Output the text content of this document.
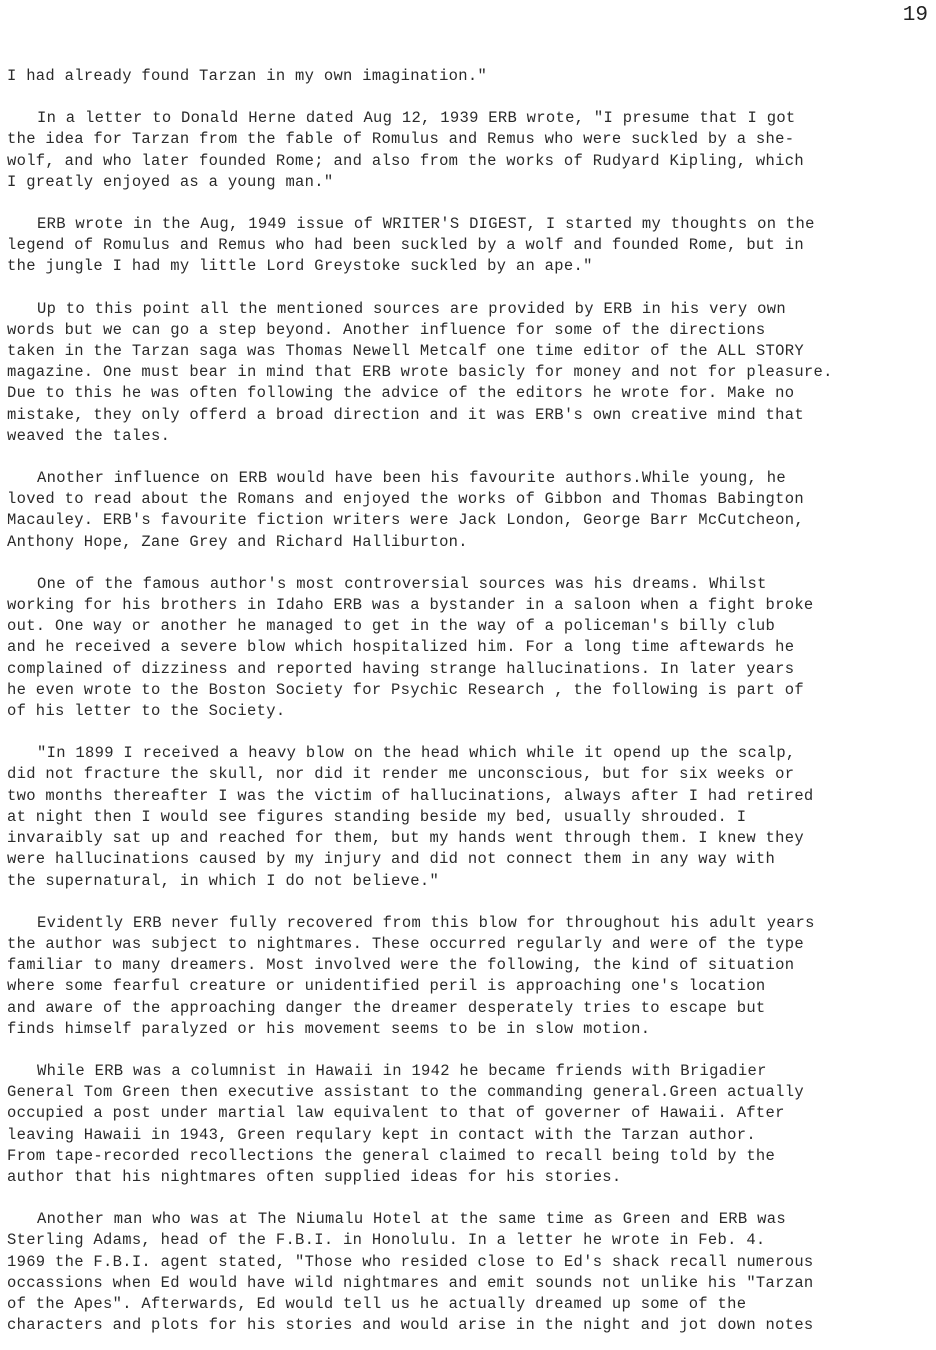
19
I had already found Tarzan in my own imagination."
In a letter to Donald Herne dated Aug 12, 1939 ERB wrote, "I presume that I got
the idea for Tarzan from the fable of Romulus and Remus who were suckled by a she-
wolf, and who later founded Rome; and also from the works of Rudyard Kipling, which
I greatly enjoyed as a young man."
ERB wrote in the Aug, 1949 issue of WRITER'S DIGEST, I started my thoughts on the
legend of Romulus and Remus who had been suckled by a wolf and founded Rome, but in
the jungle I had my little Lord Greystoke suckled by an ape."
Up to this point all the mentioned sources are provided by ERB in his very own
words but we can go a step beyond. Another influence for some of the directions
taken in the Tarzan saga was Thomas Newell Metcalf one time editor of the ALL STORY
magazine. One must bear in mind that ERB wrote basicly for money and not for pleasure.
Due to this he was often following the advice of the editors he wrote for. Make no
mistake, they only offerd a broad direction and it was ERB's own creative mind that
weaved the tales.
Another influence on ERB would have been his favourite authors.While young, he
loved to read about the Romans and enjoyed the works of Gibbon and Thomas Babington
Macauley. ERB's favourite fiction writers were Jack London, George Barr McCutcheon,
Anthony Hope, Zane Grey and Richard Halliburton.
One of the famous author's most controversial sources was his dreams. Whilst
working for his brothers in Idaho ERB was a bystander in a saloon when a fight broke
out. One way or another he managed to get in the way of a policeman's billy club
and he received a severe blow which hospitalized him. For a long time aftewards he
complained of dizziness and reported having strange hallucinations. In later years
he even wrote to the Boston Society for Psychic Research , the following is part of
of his letter to the Society.
"In 1899 I received a heavy blow on the head which while it opend up the scalp,
did not fracture the skull, nor did it render me unconscious, but for six weeks or
two months thereafter I was the victim of hallucinations, always after I had retired
at night then I would see figures standing beside my bed, usually shrouded. I
invaraibly sat up and reached for them, but my hands went through them. I knew they
were hallucinations caused by my injury and did not connect them in any way with
the supernatural, in which I do not believe."
Evidently ERB never fully recovered from this blow for throughout his adult years
the author was subject to nightmares. These occurred regularly and were of the type
familiar to many dreamers. Most involved were the following, the kind of situation
where some fearful creature or unidentified peril is approaching one's location
and aware of the approaching danger the dreamer desperately tries to escape but
finds himself paralyzed or his movement seems to be in slow motion.
While ERB was a columnist in Hawaii in 1942 he became friends with Brigadier
General Tom Green then executive assistant to the commanding general.Green actually
occupied a post under martial law equivalent to that of governer of Hawaii. After
leaving Hawaii in 1943, Green requlary kept in contact with the Tarzan author.
From tape-recorded recollections the general claimed to recall being told by the
author that his nightmares often supplied ideas for his stories.
Another man who was at The Niumalu Hotel at the same time as Green and ERB was
Sterling Adams, head of the F.B.I. in Honolulu. In a letter he wrote in Feb. 4.
1969 the F.B.I. agent stated, "Those who resided close to Ed's shack recall numerous
occassions when Ed would have wild nightmares and emit sounds not unlike his "Tarzan
of the Apes". Afterwards, Ed would tell us he actually dreamed up some of the
characters and plots for his stories and would arise in the night and jot down notes
